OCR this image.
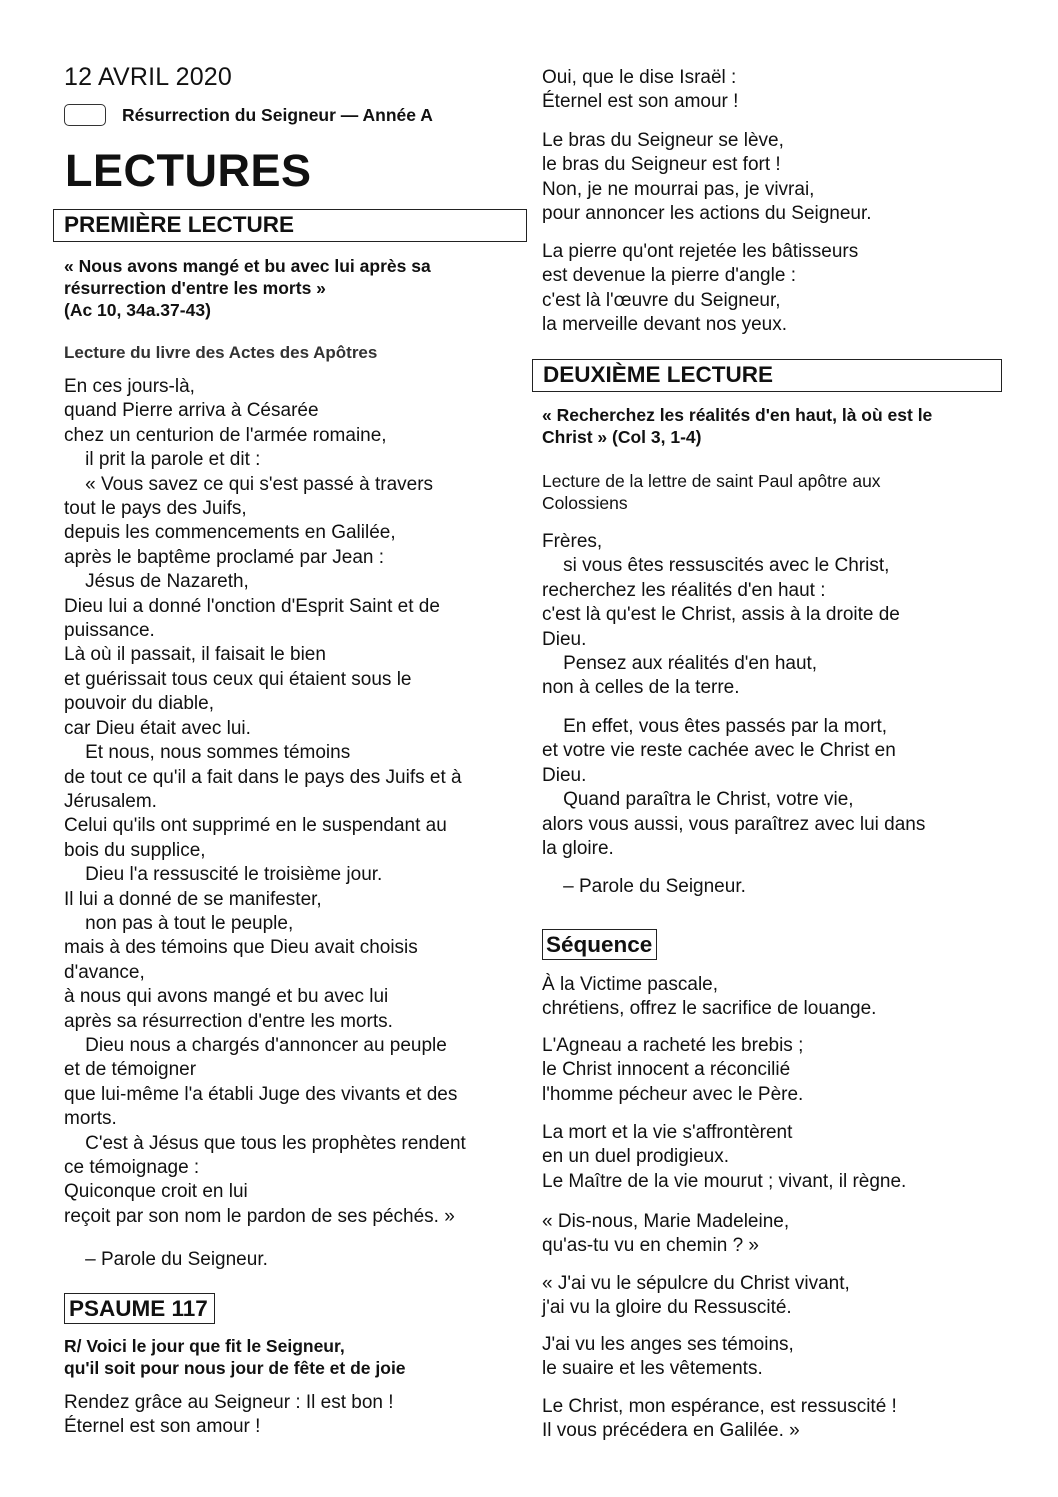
12 AVRIL 2020
Résurrection du Seigneur — Année A
LECTURES
PREMIÈRE LECTURE
« Nous avons mangé et bu avec lui après sa
résurrection d'entre les morts »
(Ac 10, 34a.37-43)
Lecture du livre des Actes des Apôtres
En ces jours-là,
quand Pierre arriva à Césarée
chez un centurion de l'armée romaine,
il prit la parole et dit :
« Vous savez ce qui s'est passé à travers
tout le pays des Juifs,
depuis les commencements en Galilée,
après le baptême proclamé par Jean :
Jésus de Nazareth,
Dieu lui a donné l'onction d'Esprit Saint et de
puissance.
Là où il passait, il faisait le bien
et guérissait tous ceux qui étaient sous le
pouvoir du diable,
car Dieu était avec lui.
Et nous, nous sommes témoins
de tout ce qu'il a fait dans le pays des Juifs et à
Jérusalem.
Celui qu'ils ont supprimé en le suspendant au
bois du supplice,
Dieu l'a ressuscité le troisième jour.
Il lui a donné de se manifester,
non pas à tout le peuple,
mais à des témoins que Dieu avait choisis
d'avance,
à nous qui avons mangé et bu avec lui
après sa résurrection d'entre les morts.
Dieu nous a chargés d'annoncer au peuple
et de témoigner
que lui-même l'a établi Juge des vivants et des
morts.
C'est à Jésus que tous les prophètes rendent
ce témoignage :
Quiconque croit en lui
reçoit par son nom le pardon de ses péchés. »
– Parole du Seigneur.
PSAUME 117
R/ Voici le jour que fit le Seigneur,
qu'il soit pour nous jour de fête et de joie
Rendez grâce au Seigneur : Il est bon !
Éternel est son amour !
Oui, que le dise Israël :
Éternel est son amour !
Le bras du Seigneur se lève,
le bras du Seigneur est fort !
Non, je ne mourrai pas, je vivrai,
pour annoncer les actions du Seigneur.
La pierre qu'ont rejetée les bâtisseurs
est devenue la pierre d'angle :
c'est là l'œuvre du Seigneur,
la merveille devant nos yeux.
DEUXIÈME LECTURE
« Recherchez les réalités d'en haut, là où est le
Christ » (Col 3, 1-4)
Lecture de la lettre de saint Paul apôtre aux
Colossiens
Frères,
si vous êtes ressuscités avec le Christ,
recherchez les réalités d'en haut :
c'est là qu'est le Christ, assis à la droite de
Dieu.
Pensez aux réalités d'en haut,
non à celles de la terre.
En effet, vous êtes passés par la mort,
et votre vie reste cachée avec le Christ en
Dieu.
Quand paraîtra le Christ, votre vie,
alors vous aussi, vous paraîtrez avec lui dans
la gloire.
– Parole du Seigneur.
Séquence
À la Victime pascale,
chrétiens, offrez le sacrifice de louange.
L'Agneau a racheté les brebis ;
le Christ innocent a réconcilié
l'homme pécheur avec le Père.
La mort et la vie s'affrontèrent
en un duel prodigieux.
Le Maître de la vie mourut ; vivant, il règne.
« Dis-nous, Marie Madeleine,
qu'as-tu vu en chemin ? »
« J'ai vu le sépulcre du Christ vivant,
j'ai vu la gloire du Ressuscité.
J'ai vu les anges ses témoins,
le suaire et les vêtements.
Le Christ, mon espérance, est ressuscité !
Il vous précédera en Galilée. »
